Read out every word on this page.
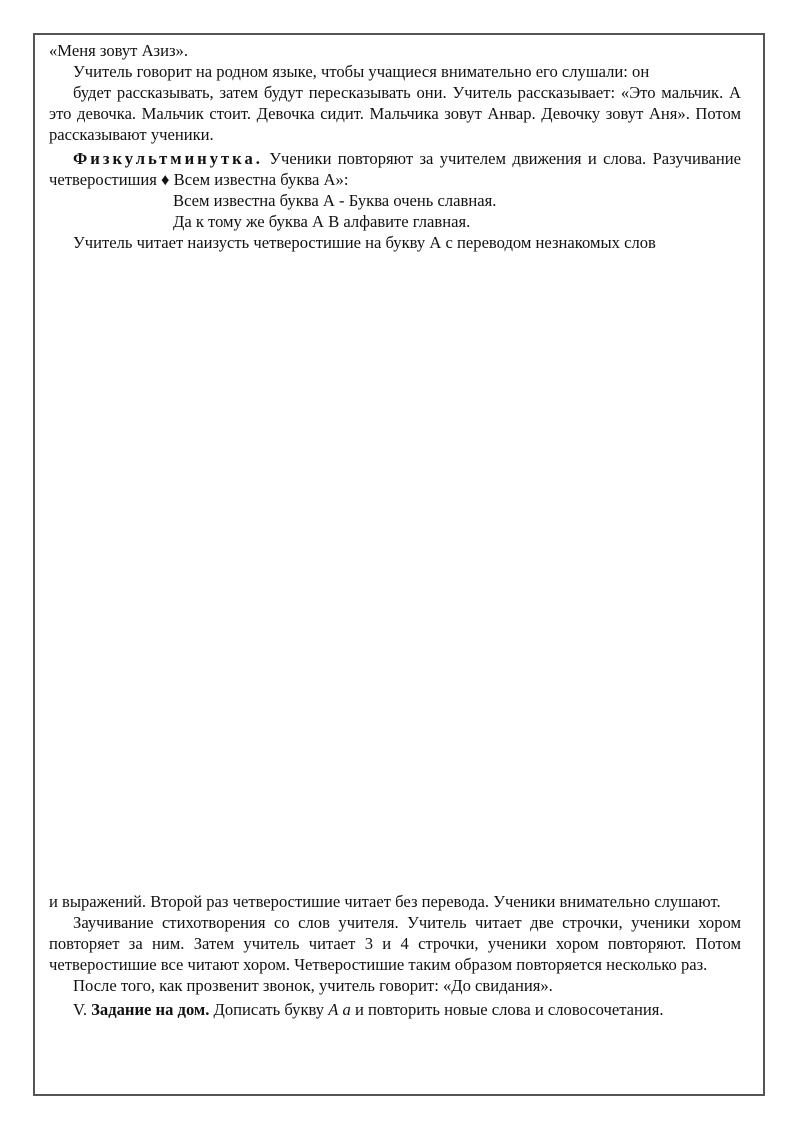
«Меня зовут Азиз».

Учитель говорит на родном языке, чтобы учащиеся внимательно его слушали: он

будет рассказывать, затем будут пересказывать они. Учитель рассказывает: «Это мальчик. А это девочка. Мальчик стоит. Девочка сидит. Мальчика зовут Анвар. Девочку зовут Аня». Потом рассказывают ученики.

Физкультминутка. Ученики повторяют за учителем движения и слова. Разучивание четверостишия ♦ Всем известна буква А»:

Всем известна буква А - Буква очень славная.

Да к тому же буква А В алфавите главная.

Учитель читает наизусть четверостишие на букву А с переводом незнакомых слов

и выражений. Второй раз четверостишие читает без перевода. Ученики внимательно слушают.

Заучивание стихотворения со слов учителя. Учитель читает две строчки, ученики хором повторяет за ним. Затем учитель читает 3 и 4 строчки, ученики хором повторяют. Потом четверостишие все читают хором. Четверостишие таким образом повторяется несколько раз.

После того, как прозвенит звонок, учитель говорит: «До свидания».

V. Задание на дом. Дописать букву А а и повторить новые слова и словосочетания.
